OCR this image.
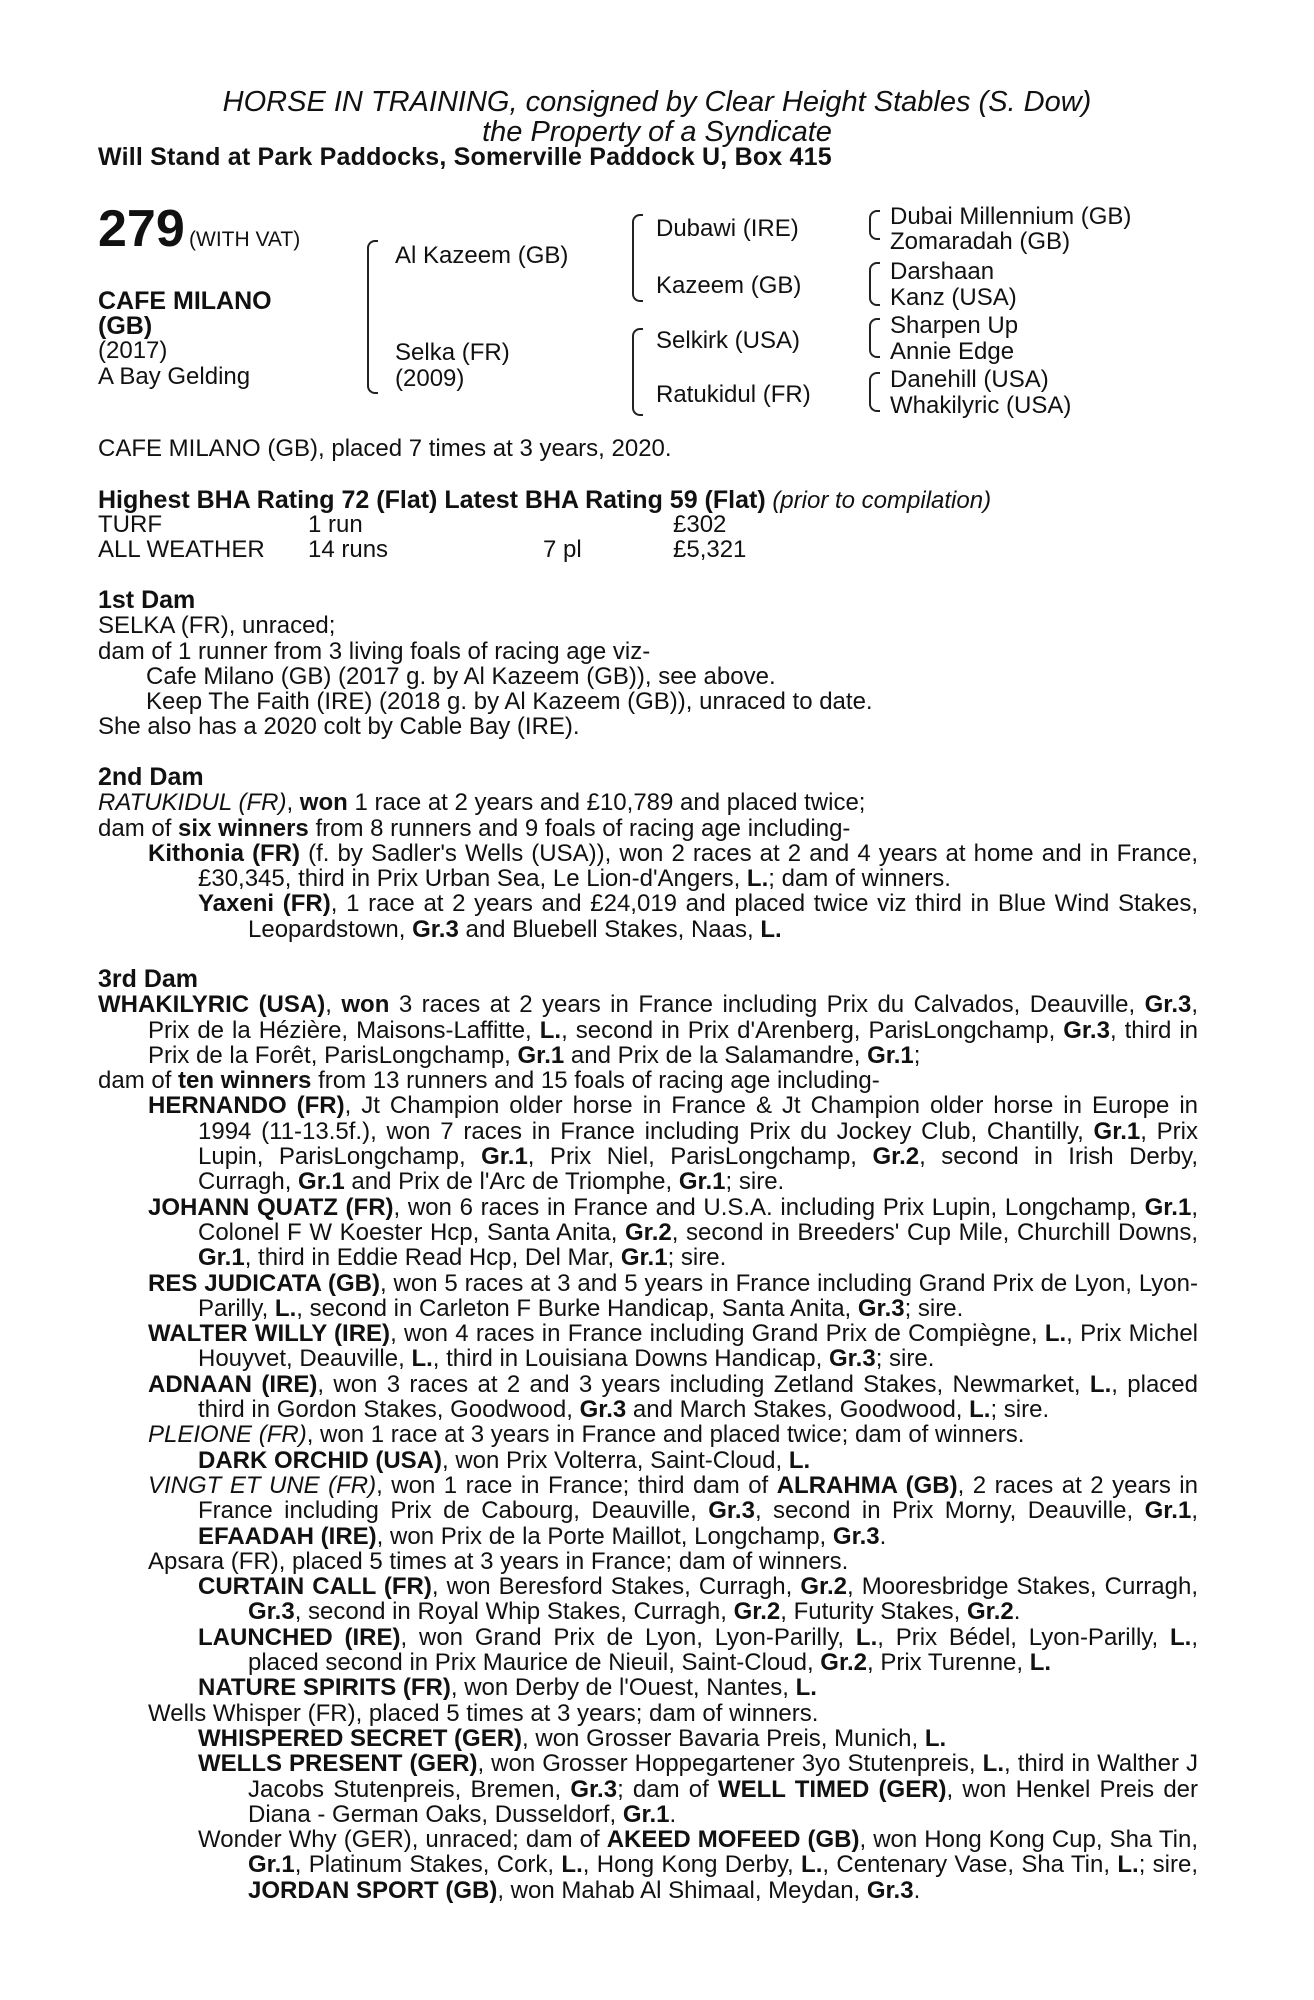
HORSE IN TRAINING, consigned by Clear Height Stables (S. Dow)
the Property of a Syndicate
Will Stand at Park Paddocks, Somerville Paddock U, Box 415
279 (WITH VAT)
CAFE MILANO
(GB)
(2017)
A Bay Gelding
Al Kazeem (GB)
Selka (FR)
(2009)
Dubawi (IRE)
Kazeem (GB)
Selkirk (USA)
Ratukidul (FR)
Dubai Millennium (GB)
Zomaradah (GB)
Darshaan
Kanz (USA)
Sharpen Up
Annie Edge
Danehill (USA)
Whakilyric (USA)
CAFE MILANO (GB), placed 7 times at 3 years, 2020.
Highest BHA Rating 72 (Flat) Latest BHA Rating 59 (Flat) (prior to compilation)
TURF	1 run		£302
ALL WEATHER	14 runs	7 pl	£5,321

1st Dam

SELKA (FR), unraced;

dam of 1 runner from 3 living foals of racing age viz-

Cafe Milano (GB) (2017 g. by Al Kazeem (GB)), see above.

Keep The Faith (IRE) (2018 g. by Al Kazeem (GB)), unraced to date.

She also has a 2020 colt by Cable Bay (IRE).

2nd Dam

RATUKIDUL (FR), won 1 race at 2 years and £10,789 and placed twice;

dam of six winners from 8 runners and 9 foals of racing age including-

Kithonia (FR) (f. by Sadler's Wells (USA)), won 2 races at 2 and 4 years at home and in France, £30,345, third in Prix Urban Sea, Le Lion-d'Angers, L.; dam of winners.

Yaxeni (FR), 1 race at 2 years and £24,019 and placed twice viz third in Blue Wind Stakes, Leopardstown, Gr.3 and Bluebell Stakes, Naas, L.

3rd Dam

WHAKILYRIC (USA), won 3 races at 2 years in France including Prix du Calvados, Deauville, Gr.3, Prix de la Hézière, Maisons-Laffitte, L., second in Prix d'Arenberg, ParisLongchamp, Gr.3, third in Prix de la Forêt, ParisLongchamp, Gr.1 and Prix de la Salamandre, Gr.1;

dam of ten winners from 13 runners and 15 foals of racing age including-

HERNANDO (FR), Jt Champion older horse in France & Jt Champion older horse in Europe in 1994 (11-13.5f.), won 7 races in France including Prix du Jockey Club, Chantilly, Gr.1, Prix Lupin, ParisLongchamp, Gr.1, Prix Niel, ParisLongchamp, Gr.2, second in Irish Derby, Curragh, Gr.1 and Prix de l'Arc de Triomphe, Gr.1; sire.

JOHANN QUATZ (FR), won 6 races in France and U.S.A. including Prix Lupin, Longchamp, Gr.1, Colonel F W Koester Hcp, Santa Anita, Gr.2, second in Breeders' Cup Mile, Churchill Downs, Gr.1, third in Eddie Read Hcp, Del Mar, Gr.1; sire.

RES JUDICATA (GB), won 5 races at 3 and 5 years in France including Grand Prix de Lyon, Lyon-Parilly, L., second in Carleton F Burke Handicap, Santa Anita, Gr.3; sire.

WALTER WILLY (IRE), won 4 races in France including Grand Prix de Compiègne, L., Prix Michel Houyvet, Deauville, L., third in Louisiana Downs Handicap, Gr.3; sire.

ADNAAN (IRE), won 3 races at 2 and 3 years including Zetland Stakes, Newmarket, L., placed third in Gordon Stakes, Goodwood, Gr.3 and March Stakes, Goodwood, L.; sire.

PLEIONE (FR), won 1 race at 3 years in France and placed twice; dam of winners.

DARK ORCHID (USA), won Prix Volterra, Saint-Cloud, L.

VINGT ET UNE (FR), won 1 race in France; third dam of ALRAHMA (GB), 2 races at 2 years in France including Prix de Cabourg, Deauville, Gr.3, second in Prix Morny, Deauville, Gr.1, EFAADAH (IRE), won Prix de la Porte Maillot, Longchamp, Gr.3.

Apsara (FR), placed 5 times at 3 years in France; dam of winners.

CURTAIN CALL (FR), won Beresford Stakes, Curragh, Gr.2, Mooresbridge Stakes, Curragh, Gr.3, second in Royal Whip Stakes, Curragh, Gr.2, Futurity Stakes, Gr.2.

LAUNCHED (IRE), won Grand Prix de Lyon, Lyon-Parilly, L., Prix Bédel, Lyon-Parilly, L., placed second in Prix Maurice de Nieuil, Saint-Cloud, Gr.2, Prix Turenne, L.

NATURE SPIRITS (FR), won Derby de l'Ouest, Nantes, L.

Wells Whisper (FR), placed 5 times at 3 years; dam of winners.

WHISPERED SECRET (GER), won Grosser Bavaria Preis, Munich, L.

WELLS PRESENT (GER), won Grosser Hoppegartener 3yo Stutenpreis, L., third in Walther J Jacobs Stutenpreis, Bremen, Gr.3; dam of WELL TIMED (GER), won Henkel Preis der Diana - German Oaks, Dusseldorf, Gr.1.

Wonder Why (GER), unraced; dam of AKEED MOFEED (GB), won Hong Kong Cup, Sha Tin, Gr.1, Platinum Stakes, Cork, L., Hong Kong Derby, L., Centenary Vase, Sha Tin, L.; sire, JORDAN SPORT (GB), won Mahab Al Shimaal, Meydan, Gr.3.
